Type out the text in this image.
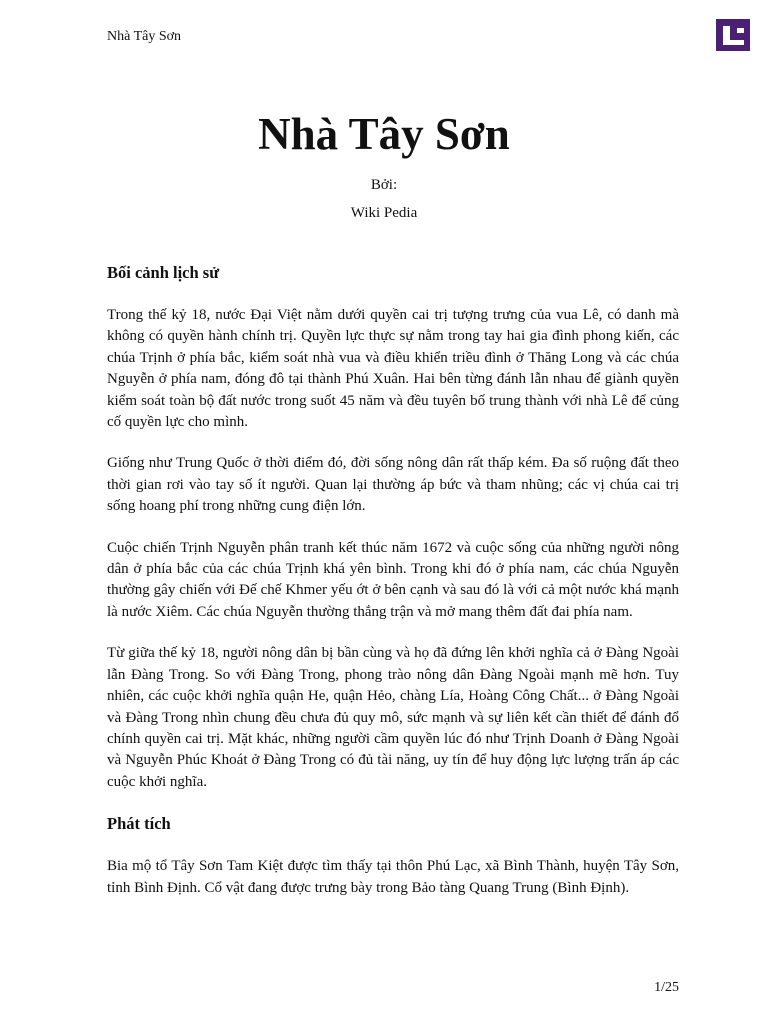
Nhà Tây Sơn
Nhà Tây Sơn
Bởi:
Wiki Pedia
Bối cảnh lịch sử

Trong thế kỷ 18, nước Đại Việt nằm dưới quyền cai trị tượng trưng của vua Lê, có danh mà không có quyền hành chính trị. Quyền lực thực sự nằm trong tay hai gia đình phong kiến, các chúa Trịnh ở phía bắc, kiểm soát nhà vua và điều khiển triều đình ở Thăng Long và các chúa Nguyễn ở phía nam, đóng đô tại thành Phú Xuân. Hai bên từng đánh lẫn nhau để giành quyền kiểm soát toàn bộ đất nước trong suốt 45 năm và đều tuyên bố trung thành với nhà Lê để củng cố quyền lực cho mình.

Giống như Trung Quốc ở thời điểm đó, đời sống nông dân rất thấp kém. Đa số ruộng đất theo thời gian rơi vào tay số ít người. Quan lại thường áp bức và tham nhũng; các vị chúa cai trị sống hoang phí trong những cung điện lớn.

Cuộc chiến Trịnh Nguyễn phân tranh kết thúc năm 1672 và cuộc sống của những người nông dân ở phía bắc của các chúa Trịnh khá yên bình. Trong khi đó ở phía nam, các chúa Nguyễn thường gây chiến với Đế chế Khmer yếu ớt ở bên cạnh và sau đó là với cả một nước khá mạnh là nước Xiêm. Các chúa Nguyễn thường thắng trận và mở mang thêm đất đai phía nam.

Từ giữa thế kỷ 18, người nông dân bị bần cùng và họ đã đứng lên khởi nghĩa cả ở Đàng Ngoài lẫn Đàng Trong. So với Đàng Trong, phong trào nông dân Đàng Ngoài mạnh mẽ hơn. Tuy nhiên, các cuộc khởi nghĩa quận He, quận Hẻo, chàng Lía, Hoàng Công Chất... ở Đàng Ngoài và Đàng Trong nhìn chung đều chưa đủ quy mô, sức mạnh và sự liên kết cần thiết để đánh đổ chính quyền cai trị. Mặt khác, những người cầm quyền lúc đó như Trịnh Doanh ở Đàng Ngoài và Nguyễn Phúc Khoát ở Đàng Trong có đủ tài năng, uy tín để huy động lực lượng trấn áp các cuộc khởi nghĩa.

Phát tích

Bia mộ tổ Tây Sơn Tam Kiệt được tìm thấy tại thôn Phú Lạc, xã Bình Thành, huyện Tây Sơn, tỉnh Bình Định. Cổ vật đang được trưng bày trong Bảo tàng Quang Trung (Bình Định).

1/25
